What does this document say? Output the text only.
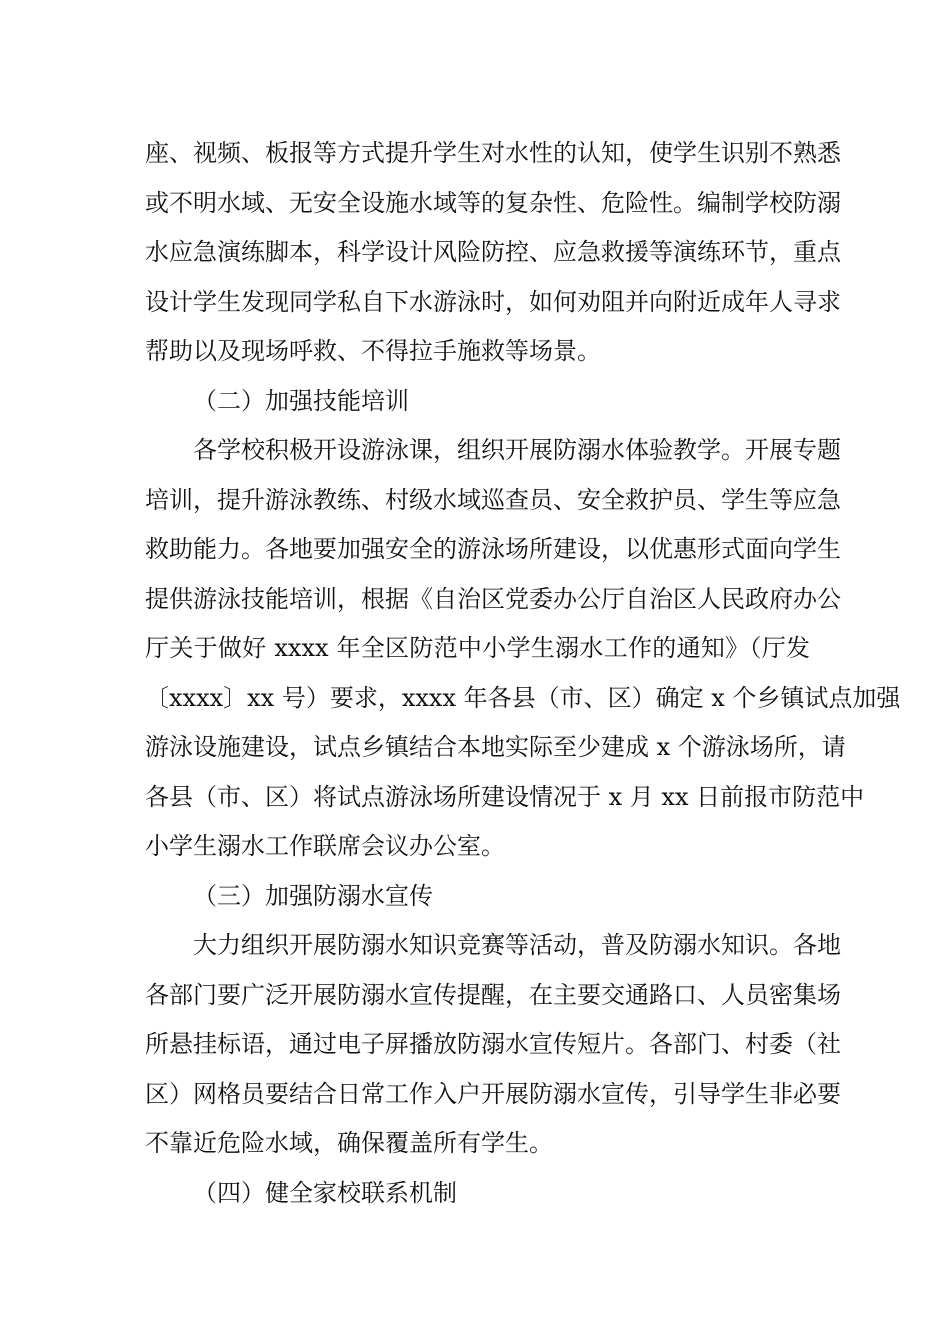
座、视频、板报等方式提升学生对水性的认知，使学生识别不熟悉
或不明水域、无安全设施水域等的复杂性、危险性。编制学校防溺
水应急演练脚本，科学设计风险防控、应急救援等演练环节，重点
设计学生发现同学私自下水游泳时，如何劝阻并向附近成年人寻求
帮助以及现场呼救、不得拉手施救等场景。
（二）加强技能培训
各学校积极开设游泳课，组织开展防溺水体验教学。开展专题
培训，提升游泳教练、村级水域巡查员、安全救护员、学生等应急
救助能力。各地要加强安全的游泳场所建设，以优惠形式面向学生
提供游泳技能培训，根据《自治区党委办公厅自治区人民政府办公
厅关于做好 xxxx 年全区防范中小学生溺水工作的通知》（厅发
〔xxxx〕xx 号）要求，xxxx 年各县（市、区）确定 x 个乡镇试点加强
游泳设施建设，试点乡镇结合本地实际至少建成 x 个游泳场所，请
各县（市、区）将试点游泳场所建设情况于 x 月 xx 日前报市防范中
小学生溺水工作联席会议办公室。
（三）加强防溺水宣传
大力组织开展防溺水知识竞赛等活动，普及防溺水知识。各地
各部门要广泛开展防溺水宣传提醒，在主要交通路口、人员密集场
所悬挂标语，通过电子屏播放防溺水宣传短片。各部门、村委（社
区）网格员要结合日常工作入户开展防溺水宣传，引导学生非必要
不靠近危险水域，确保覆盖所有学生。
（四）健全家校联系机制
